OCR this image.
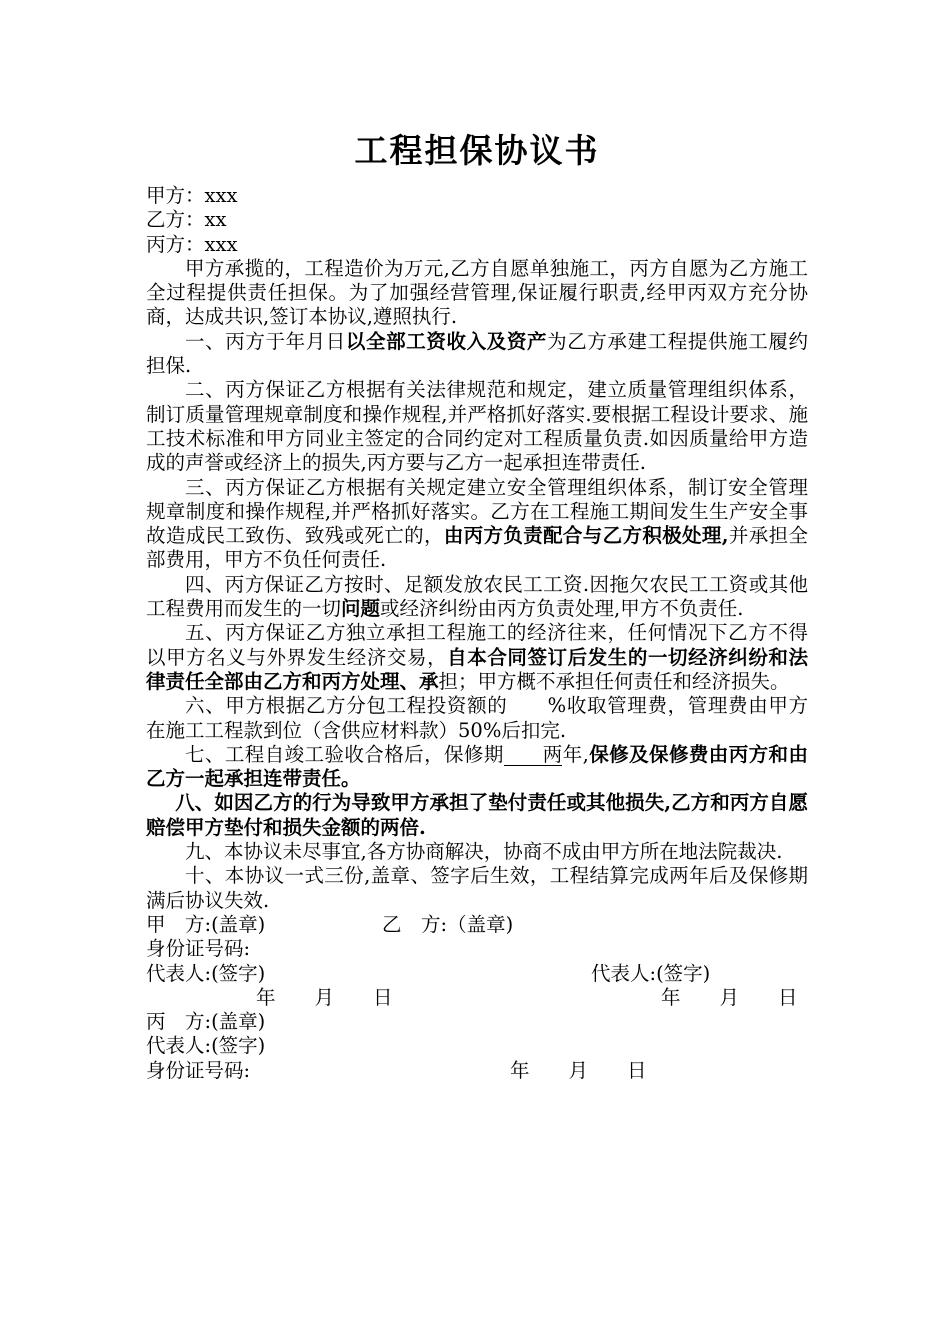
工程担保协议书
甲方：xxx
乙方：xx
丙方：xxx
甲方承揽的，工程造价为万元,乙方自愿单独施工，丙方自愿为乙方施工全过程提供责任担保。为了加强经营管理,保证履行职责,经甲丙双方充分协商，达成共识,签订本协议,遵照执行.
一、丙方于年月日以全部工资收入及资产为乙方承建工程提供施工履约担保.
二、丙方保证乙方根据有关法律规范和规定，建立质量管理组织体系，制订质量管理规章制度和操作规程,并严格抓好落实.要根据工程设计要求、施工技术标准和甲方同业主签定的合同约定对工程质量负责.如因质量给甲方造成的声誉或经济上的损失,丙方要与乙方一起承担连带责任.
三、丙方保证乙方根据有关规定建立安全管理组织体系，制订安全管理规章制度和操作规程,并严格抓好落实。乙方在工程施工期间发生生产安全事故造成民工致伤、致残或死亡的，由丙方负责配合与乙方积极处理,并承担全部费用，甲方不负任何责任.
四、丙方保证乙方按时、足额发放农民工工资.因拖欠农民工工资或其他工程费用而发生的一切问题或经济纠纷由丙方负责处理,甲方不负责任.
五、丙方保证乙方独立承担工程施工的经济往来，任何情况下乙方不得以甲方名义与外界发生经济交易，自本合同签订后发生的一切经济纠纷和法律责任全部由乙方和丙方处理、承担；甲方概不承担任何责任和经济损失。
六、甲方根据乙方分包工程投资额的　　%收取管理费，管理费由甲方在施工工程款到位（含供应材料款）50%后扣完.
七、工程自竣工验收合格后，保修期 两年,保修及保修费由丙方和由乙方一起承担连带责任。
八、如因乙方的行为导致甲方承担了垫付责任或其他损失,乙方和丙方自愿赔偿甲方垫付和损失金额的两倍.
九、本协议未尽事宜,各方协商解决，协商不成由甲方所在地法院裁决.
十、本协议一式三份,盖章、签字后生效，工程结算完成两年后及保修期满后协议失效.
甲　方:(盖章)	乙　方:（盖章)
身份证号码:
代表人:(签字)	代表人:(签字)
年　　月　　日	年　　月　　日
丙　方:(盖章)
代表人:(签字)
身份证号码:	年　　月　　日
